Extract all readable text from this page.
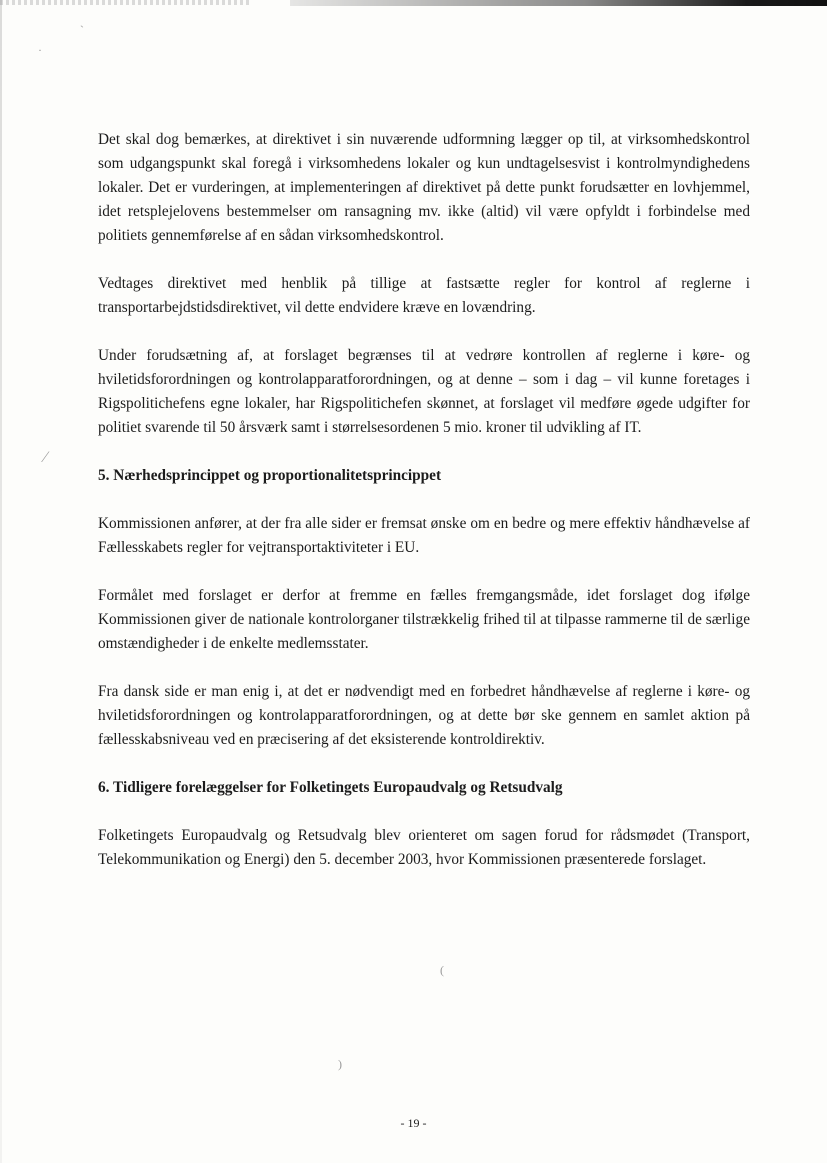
·
ˋ
⁄
)
(

Det skal dog bemærkes, at direktivet i sin nuværende udformning lægger op til, at virksomhedskontrol som udgangspunkt skal foregå i virksomhedens lokaler og kun undtagelsesvist i kontrolmyndighedens lokaler. Det er vurderingen, at implementeringen af direktivet på dette punkt forudsætter en lovhjemmel, idet retsplejelovens bestemmelser om ransagning mv. ikke (altid) vil være opfyldt i forbindelse med politiets gennemførelse af en sådan virksomhedskontrol.

Vedtages direktivet med henblik på tillige at fastsætte regler for kontrol af reglerne i transportarbejdstidsdirektivet, vil dette endvidere kræve en lovændring.

Under forudsætning af, at forslaget begrænses til at vedrøre kontrollen af reglerne i køre- og hviletidsforordningen og kontrolapparatforordningen, og at denne – som i dag – vil kunne foretages i Rigspolitichefens egne lokaler, har Rigspolitichefen skønnet, at forslaget vil medføre øgede udgifter for politiet svarende til 50 årsværk samt i størrelsesordenen 5 mio. kroner til udvikling af IT.

5. Nærhedsprincippet og proportionalitetsprincippet

Kommissionen anfører, at der fra alle sider er fremsat ønske om en bedre og mere effektiv håndhævelse af Fællesskabets regler for vejtransportaktiviteter i EU.

Formålet med forslaget er derfor at fremme en fælles fremgangsmåde, idet forslaget dog ifølge Kommissionen giver de nationale kontrolorganer tilstrækkelig frihed til at tilpasse rammerne til de særlige omstændigheder i de enkelte medlemsstater.

Fra dansk side er man enig i, at det er nødvendigt med en forbedret håndhævelse af reglerne i køre- og hviletidsforordningen og kontrolapparatforordningen, og at dette bør ske gennem en samlet aktion på fællesskabsniveau ved en præcisering af det eksisterende kontroldirektiv.

6. Tidligere forelæggelser for Folketingets Europaudvalg og Retsudvalg

Folketingets Europaudvalg og Retsudvalg blev orienteret om sagen forud for rådsmødet (Transport, Telekommunikation og Energi) den 5. december 2003, hvor Kommissionen præsenterede forslaget.

- 19 -
